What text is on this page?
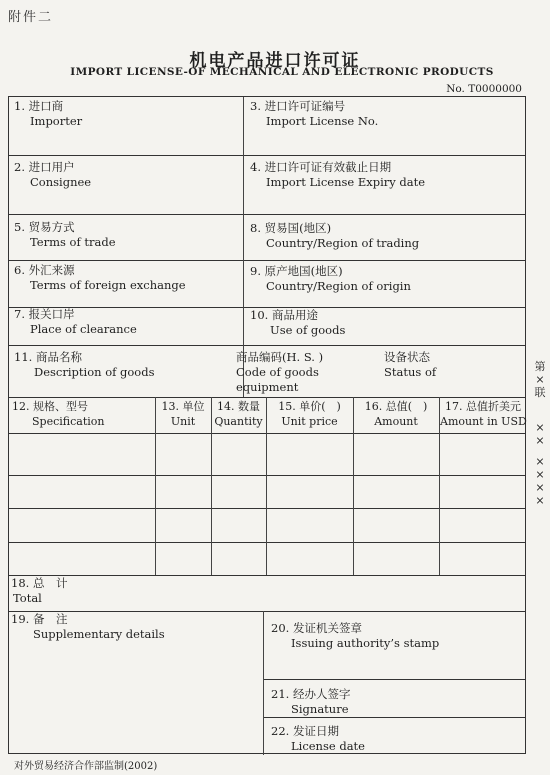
附件二
机电产品进口许可证
IMPORT LICENSE-OF MECHANICAL AND ELECTRONIC PRODUCTS
No. T0000000
1. 进口商
Importer
3. 进口许可证编号
Import License No.
2. 进口用户
Consignee
4. 进口许可证有效截止日期
Import License Expiry date
5. 贸易方式
Terms of trade
8. 贸易国(地区)
Country/Region of trading
6. 外汇来源
Terms of foreign exchange
9. 原产地国(地区)
Country/Region of origin
7. 报关口岸
Place of clearance
10. 商品用途
Use of goods
11. 商品名称
Description of goods
商品编码(H. S. )
Code of goods
equipment
设备状态
Status of
12. 规格、型号
Specification
13. 单位
Unit
14. 数量
Quantity
15. 单价(　)
Unit price
16. 总值(　)
Amount
17. 总值折美元
Amount in USD
18. 总　计
Total
19. 备　注
Supplementary details	20. 发证机关签章
Issuing authority’s stamp
21. 经办人签字
Signature
22. 发证日期
License date
第
×
联
×
×
×
×
×
×
对外贸易经济合作部监制(2002)
